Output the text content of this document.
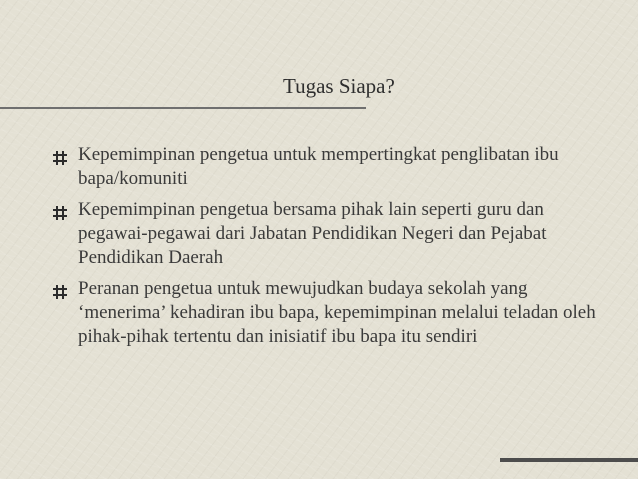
Tugas Siapa?
Kepemimpinan pengetua untuk mempertingkat penglibatan ibu bapa/komuniti
Kepemimpinan pengetua bersama pihak lain seperti guru dan pegawai-pegawai dari Jabatan Pendidikan Negeri dan Pejabat Pendidikan Daerah
Peranan pengetua untuk mewujudkan budaya sekolah yang ‘menerima’ kehadiran ibu bapa, kepemimpinan melalui teladan oleh pihak-pihak tertentu dan inisiatif ibu bapa itu sendiri
